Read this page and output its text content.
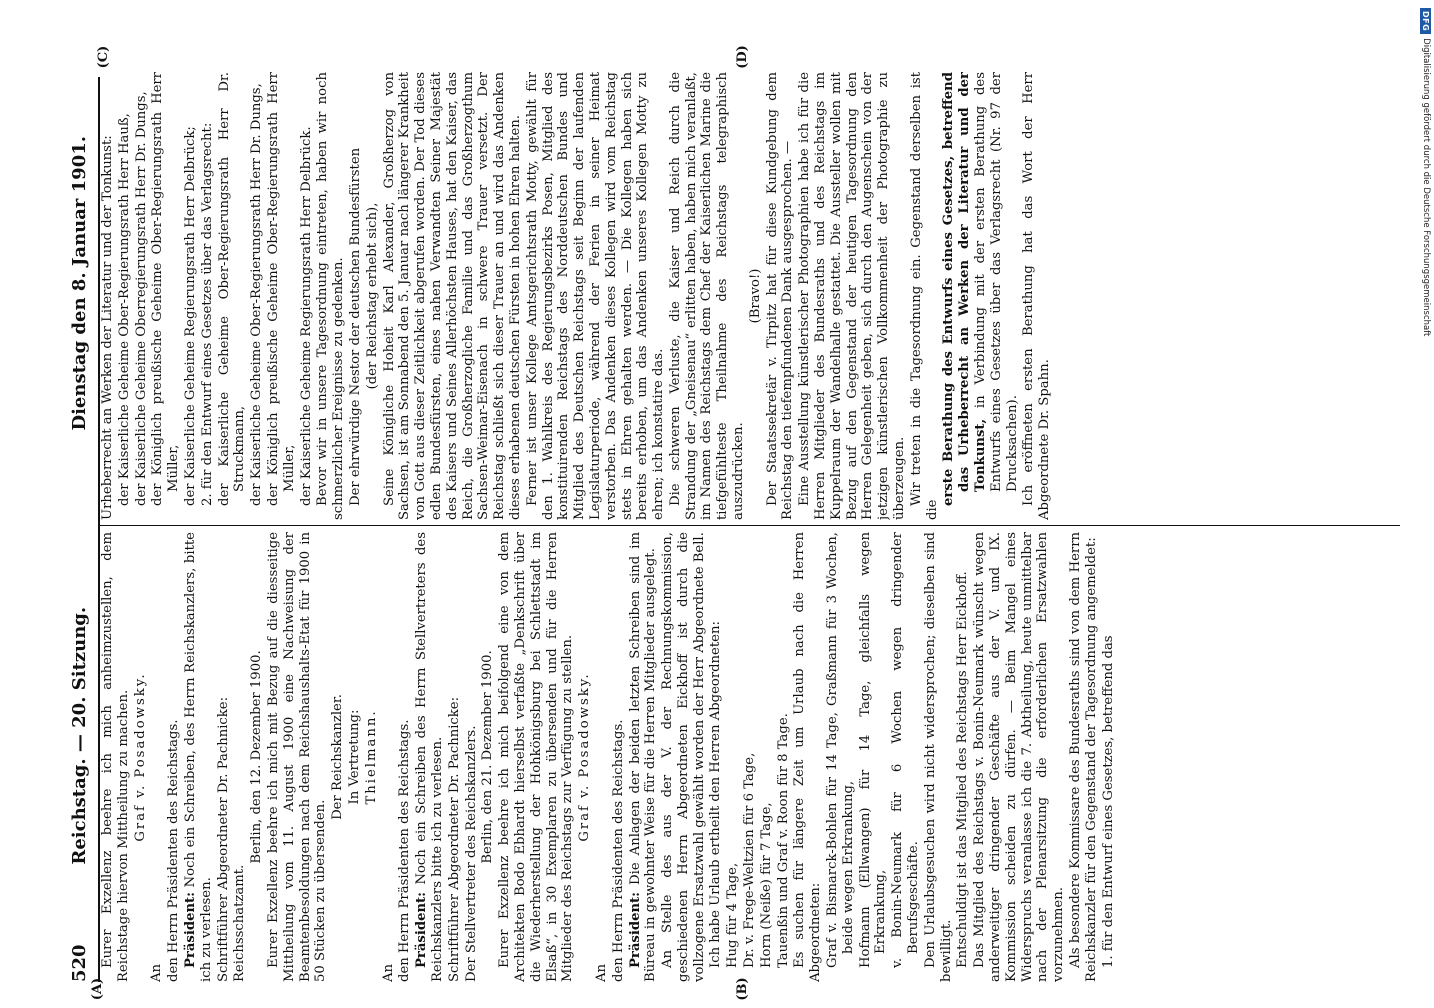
520
Reichstag. — 20. Sitzung.
Dienstag den 8. Januar 1901.
(A)	(B)
(C)	(D)

Eurer Exzellenz beehre ich mich anheimzustellen, dem Reichstage hiervon Mittheilung zu machen. Graf v. Posadowsky.

An den Herrn Präsidenten des Reichstags. Präsident: Noch ein Schreiben, des Herrn Reichskanzlers, bitte ich zu verlesen. Schriftführer Abgeordneter Dr. Pachnicke: Reichsschatzamt.

Berlin, den 12. Dezember 1900. Eurer Exzellenz beehre ich mich mit Bezug auf die diesseitige Mittheilung vom 11. August 1900 eine Nachweisung der Beamtenbesoldungen nach dem Reichshaushalts-Etat für 1900 in 50 Stücken zu übersenden.

Der Reichskanzler. In Vertretung: Thielmann.

An den Herrn Präsidenten des Reichstags. Präsident: Noch ein Schreiben des Herrn Stellvertreters des Reichskanzlers bitte ich zu verlesen. Schriftführer Abgeordneter Dr. Pachnicke: Der Stellvertreter des Reichskanzlers. Berlin, den 21. Dezember 1900. Eurer Exzellenz beehre ich mich beifolgend eine von dem Architekten Bodo Ebhardt hierselbst verfaßte „Denkschrift über die Wiederherstellung der Hohkönigsburg bei Schlettstadt im Elsaß“, in 30 Exemplaren zu übersenden und für die Herren Mitglieder des Reichstags zur Verfügung zu stellen. Graf v. Posadowsky.

An den Herrn Präsidenten des Reichstags. Präsident: Die Anlagen der beiden letzten Schreiben sind im Büreau in gewohnter Weise für die Herren Mitglieder ausgelegt. An Stelle des aus der V. der Rechnungskommission, geschiedenen Herrn Abgeordneten Eickhoff ist durch die vollzogene Ersatzwahl gewählt worden der Herr Abgeordnete Bell. Ich habe Urlaub ertheilt den Herren Abgeordneten: Hug für 4 Tage, Dr. v. Frege-Weltzien für 6 Tage, Horn (Neiße) für 7 Tage, Tauenßin und Graf v. Roon für 8 Tage. Es suchen für längere Zeit um Urlaub nach die Herren Abgeordneten: Graf v. Bismarck-Bohlen für 14 Tage, Graßmann für 3 Wochen, beide wegen Erkrankung, Hofmann (Ellwangen) für 14 Tage, gleichfalls wegen Erkrankung, v. Bonin-Neumark für 6 Wochen wegen dringender Berufsgeschäfte. Den Urlaubsgesuchen wird nicht widersprochen; dieselben sind bewilligt. Entschuldigt ist das Mitglied des Reichstags Herr Eickhoff. Das Mitglied des Reichstags v. Bonin-Neumark wünscht wegen anderweitiger dringender Geschäfte aus der V. und IX. Kommission scheiden zu dürfen. — Beim Mangel eines Widerspruchs veranlasse ich die 7. Abtheilung, heute unmittelbar nach der Plenarsitzung die erforderlichen Ersatzwahlen vorzunehmen. Als besondere Kommissare des Bundesraths sind von dem Herrn Reichskanzler für den Gegenstand der Tagesordnung angemeldet: 1. für den Entwurf eines Gesetzes, betreffend das

Urheberrecht an Werken der Literatur und der Tonkunst: der Kaiserliche Geheime Ober-Regierungsrath Herr Hauß, der Kaiserliche Geheime Oberregierungsrath Herr Dr. Dungs, der Königlich preußische Geheime Ober-Regierungsrath Herr Müller, der Kaiserliche Geheime Regierungsrath Herr Delbrück; 2. für den Entwurf eines Gesetzes über das Verlagsrecht: der Kaiserliche Geheime Ober-Regierungsrath Herr Dr. Struckmann, der Kaiserliche Geheime Ober-Regierungsrath Herr Dr. Dungs, der Königlich preußische Geheime Ober-Regierungsrath Herr Müller, der Kaiserliche Geheime Regierungsrath Herr Delbrück. Bevor wir in unsere Tagesordnung eintreten, haben wir noch schmerzlicher Ereignisse zu gedenken. Der ehrwürdige Nestor der deutschen Bundesfürsten (der Reichstag erhebt sich), Seine Königliche Hoheit Karl Alexander, Großherzog von Sachsen, ist am Sonnabend den 5. Januar nach längerer Krankheit von Gott aus dieser Zeitlichkeit abgerufen worden. Der Tod dieses edlen Bundesfürsten, eines nahen Verwandten Seiner Majestät des Kaisers und Seines Allerhöchsten Hauses, hat den Kaiser, das Reich, die Großherzogliche Familie und das Großherzogthum Sachsen-Weimar-Eisenach in schwere Trauer versetzt. Der Reichstag schließt sich dieser Trauer an und wird das Andenken dieses erhabenen deutschen Fürsten in hohen Ehren halten. Ferner ist unser Kollege Amtsgerichtsrath Motty, gewählt für den 1. Wahlkreis des Regierungsbezirks Posen, Mitglied des konstituirenden Reichstags des Norddeutschen Bundes und Mitglied des Deutschen Reichstags seit Beginn der laufenden Legislaturperiode, während der Ferien in seiner Heimat verstorben. Das Andenken dieses Kollegen wird vom Reichstag stets in Ehren gehalten werden. — Die Kollegen haben sich bereits erhoben, um das Andenken unseres Kollegen Motty zu ehren; ich konstatire das. Die schweren Verluste, die Kaiser und Reich durch die Strandung der „Gneisenau“ erlitten haben, haben mich veranlaßt, im Namen des Reichstags dem Chef der Kaiserlichen Marine die tiefgefühlteste Theilnahme des Reichstags telegraphisch auszudrücken.

(Bravo!) Der Staatssekretär v. Tirpitz hat für diese Kundgebung dem Reichstag den tiefempfundenen Dank ausgesprochen. — Eine Ausstellung künstlerischer Photographien habe ich für die Herren Mitglieder des Bundesraths und des Reichstags im Kuppelraum der Wandelhalle gestattet. Die Aussteller wollen mit Bezug auf den Gegenstand der heutigen Tagesordnung den Herren Gelegenheit geben, sich durch den Augenschein von der jetzigen künstlerischen Vollkommenheit der Photographie zu überzeugen. Wir treten in die Tagesordnung ein. Gegenstand derselben ist die

erste Berathung des Entwurfs eines Gesetzes, betreffend das Urheberrecht an Werken der Literatur und der Tonkunst, in Verbindung mit der ersten Berathung des Entwurfs eines Gesetzes über das Verlagsrecht (Nr. 97 der Drucksachen). Ich eröffneten ersten Berathung hat das Wort der Herr Abgeordnete Dr. Spahn.

DFG
Digitalisierung gefördert durch die Deutsche Forschungsgemeinschaft
